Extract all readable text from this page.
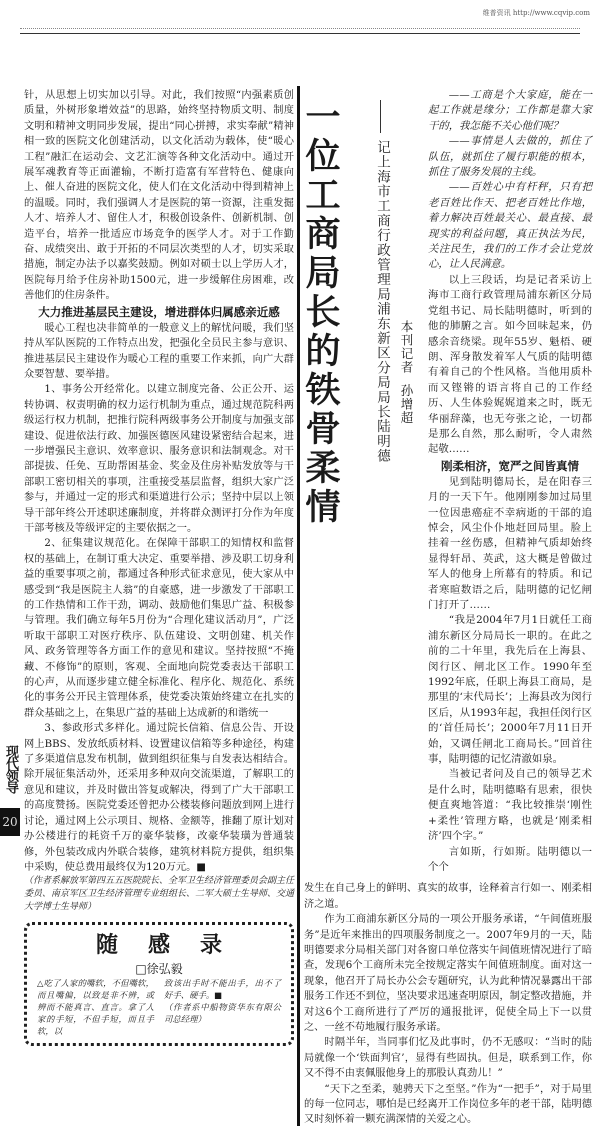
维普资讯 http://www.cqvip.com

针，从思想上切实加以引导。对此，我们按照“内强素质创质量，外树形象增效益”的思路，始终坚持物质文明、制度文明和精神文明同步发展，提出“同心拼搏，求实奉献”精神相一致的医院文化创建活动，以文化活动为载体，使“暖心工程”融汇在运动会、文艺汇演等各种文化活动中。通过开展军魂教育等正面灌输，不断打造富有军营特色、健康向上、催人奋进的医院文化，使人们在文化活动中得到精神上的温暖。同时，我们强调人才是医院的第一资源，注重发掘人才、培养人才、留住人才，积极创设条件、创新机制、创造平台，培养一批适应市场竞争的医学人才。对于工作勤奋、成绩突出、敢于开拓的不同层次类型的人才，切实采取措施，制定办法予以嘉奖鼓励。例如对硕士以上学历人才，医院每月给予住房补助1500元，进一步缓解住房困难，改善他们的住房条件。

大力推进基层民主建设，增进群体归属感亲近感

暖心工程也决非简单的一般意义上的解忧问暖，我们坚持从军队医院的工作特点出发，把强化全员民主参与意识、推进基层民主建设作为暖心工程的重要工作来抓，向广大群众要智慧、要举措。

1、事务公开经常化。以建立制度完备、公正公开、运转协调、权责明确的权力运行机制为重点，通过规范院科两级运行权力机制，把推行院科两级事务公开制度与加强支部建设、促进依法行政、加强医德医风建设紧密结合起来，进一步增强民主意识、效率意识、服务意识和法制观念。对干部提拔、任免、互助帮困基金、奖金及住房补贴发放等与干部职工密切相关的事项，注重接受基层监督，组织大家广泛参与，并通过一定的形式和渠道进行公示；坚持中层以上领导干部年终公开述职述廉制度，并将群众测评打分作为年度干部考核及等级评定的主要依据之一。

2、征集建议规范化。在保障干部职工的知情权和监督权的基础上，在制订重大决定、重要举措、涉及职工切身利益的重要事项之前，都通过各种形式征求意见，使大家从中感受到“我是医院主人翁”的自豪感，进一步激发了干部职工的工作热情和工作干劲，调动、鼓励他们集思广益、积极参与管理。我们确立每年5月份为“合理化建议活动月”，广泛听取干部职工对医疗秩序、队伍建设、文明创建、机关作风、政务管理等各方面工作的意见和建议。坚持按照“不掩藏、不修饰”的原则，客观、全面地向院党委表达干部职工的心声，从而逐步建立健全标准化、程序化、规范化、系统化的事务公开民主管理体系，使党委决策始终建立在扎实的群众基础之上，在集思广益的基础上达成新的和谐统一

3、参政形式多样化。通过院长信箱、信息公告、开设网上BBS、发放纸质材料、设置建议信箱等多种途径，构建了多渠道信息发布机制，做到组织征集与自发表达相结合。除开展征集活动外，还采用多种双向交流渠道，了解职工的意见和建议，并及时做出答复或解决，得到了广大干部职工的高度赞扬。医院党委还曾把办公楼装修问题放到网上进行讨论，通过网上公示项目、规格、金额等，推翻了原计划对办公楼进行的耗资千万的豪华装修，改豪华装璜为普通装修，外包装改成内外联合装修，建筑材料院方提供，组织集中采购，使总费用最终仅为120万元。■

（作者系解放军第四五五医院院长、全军卫生经济管理委员会副主任委员、南京军区卫生经济管理专业组组长、二军大硕士生导师、交通大学博士生导师）

随感录
□徐弘毅
△吃了人家的嘴软，不但嘴软，而且嘴偏，以致是非不辨，或辨而不能真言、直言。拿了人家的手短，不但手短，而且手软，以
致该出手时不能出手，出不了好手、硬手。■
（作者系中船物资华东有限公司总经理）
一位工商局长的铁骨柔情 记上海市工商行政管理局浦东新区分局局长陆明德 本刊记者
孙增超

——工商是个大家庭，能在一起工作就是缘分；工作都是靠大家干的，我怎能不关心他们呢？

——事情是人去做的，抓住了队伍，就抓住了履行职能的根本，抓住了服务发展的主线。

——百姓心中有杆秤，只有把老百姓比作天、把老百姓比作地，着力解决百姓最关心、最直接、最现实的利益问题，真正执法为民，关注民生，我们的工作才会让党放心，让人民满意。

以上三段话，均是记者采访上海市工商行政管理局浦东新区分局党组书记、局长陆明德时，听到的他的肺腑之言。如今回味起来，仍感余音绕梁。现年55岁、魁梧、硬朗、浑身散发着军人气质的陆明德有着自己的个性风格。当他用质朴而又铿锵的语言将自己的工作经历、人生体验娓娓道来之时，既无华丽辞藻，也无夸张之论，一切都是那么自然，那么耐听，令人肃然起敬……

刚柔相济，宽严之间皆真情

见到陆明德局长，是在阳春三月的一天下午。他刚刚参加过局里一位因患癌症不幸病逝的干部的追悼会，风尘仆仆地赶回局里。脸上挂着一丝伤感，但精神气质却始终显得轩昂、英武，这大概是曾做过军人的他身上所幕有的特质。和记者寒暄数语之后，陆明德的记忆闸门打开了……

“我是2004年7月1日就任工商浦东新区分局局长一职的。在此之前的二十年里，我先后在上海县、闵行区、闸北区工作。1990年至1992年底，任职上海县工商局，是那里的‘末代局长’；上海县改为闵行区后，从1993年起，我担任闵行区的‘首任局长’；2000年7月11日开始，又调任闸北工商局长。”回首往事，陆明德的记忆清澈如泉。

当被记者问及自己的领导艺术是什么时，陆明德略有思索，很快便直爽地答道：“我比较推崇‘刚性+柔性’管理方略，也就是‘刚柔相济’四个字。”

言如斯，行如斯。陆明德以一个个

发生在自己身上的鲜明、真实的故事，诠释着言行如一、刚柔相济之道。

作为工商浦东新区分局的一项公开服务承诺，“午间值班服务”是近年来推出的四项服务制度之一。2007年9月的一天，陆明德要求分局相关部门对各窗口单位落实午间值班情况进行了暗查，发现6个工商所未完全按规定落实午间值班制度。面对这一现象，他召开了局长办公会专题研究，认为此种情况暴露出干部服务工作还不到位，坚决要求迅速查明原因，制定整改措施，并对这6个工商所进行了严厉的通报批评，促使全局上下一以贯之、一丝不苟地履行服务承诺。

时隔半年，当同事们忆及此事时，仍不无感叹：“当时的陆局就像一个‘铁面判官’，显得有些固执。但是，联系到工作，你又不得不由衷佩服他身上的那股认真劲儿！”

“天下之至柔，驰骋天下之至坚。”作为“一把手”，对于局里的每一位同志，哪怕是已经离开工作岗位多年的老干部，陆明德又时刻怀着一颗充满深情的关爱之心。

现代领导
20
